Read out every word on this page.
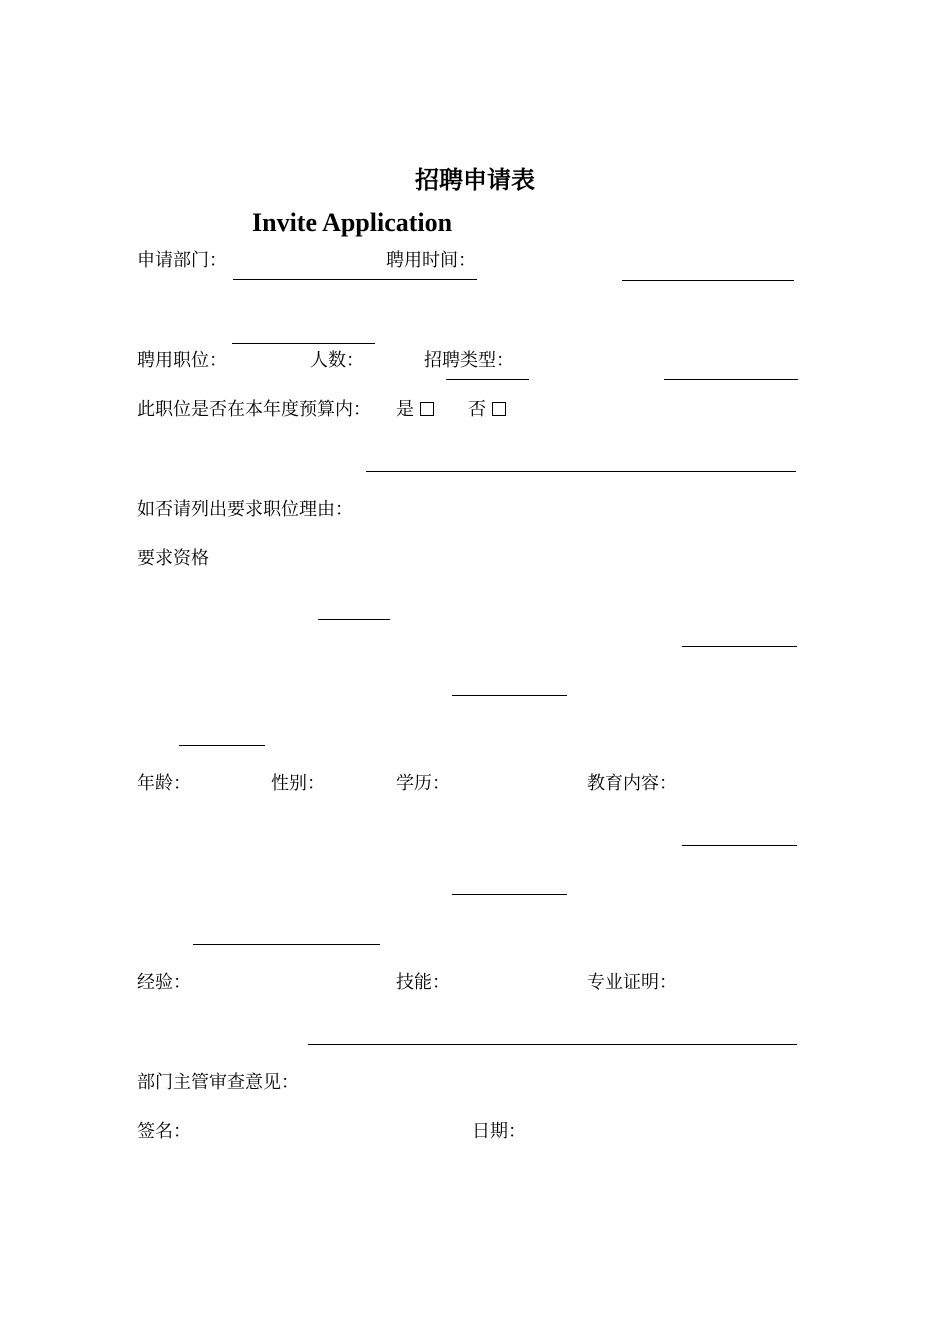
招聘申请表
Invite Application
申请部门：	聘用时间：
聘用职位：	人数：	招聘类型：
此职位是否在本年度预算内： 是	否
如否请列出要求职位理由：
要求资格
年龄：	性别：	学历：	教育内容：
经验：	技能：	专业证明：
部门主管审查意见：
签名：	日期：
